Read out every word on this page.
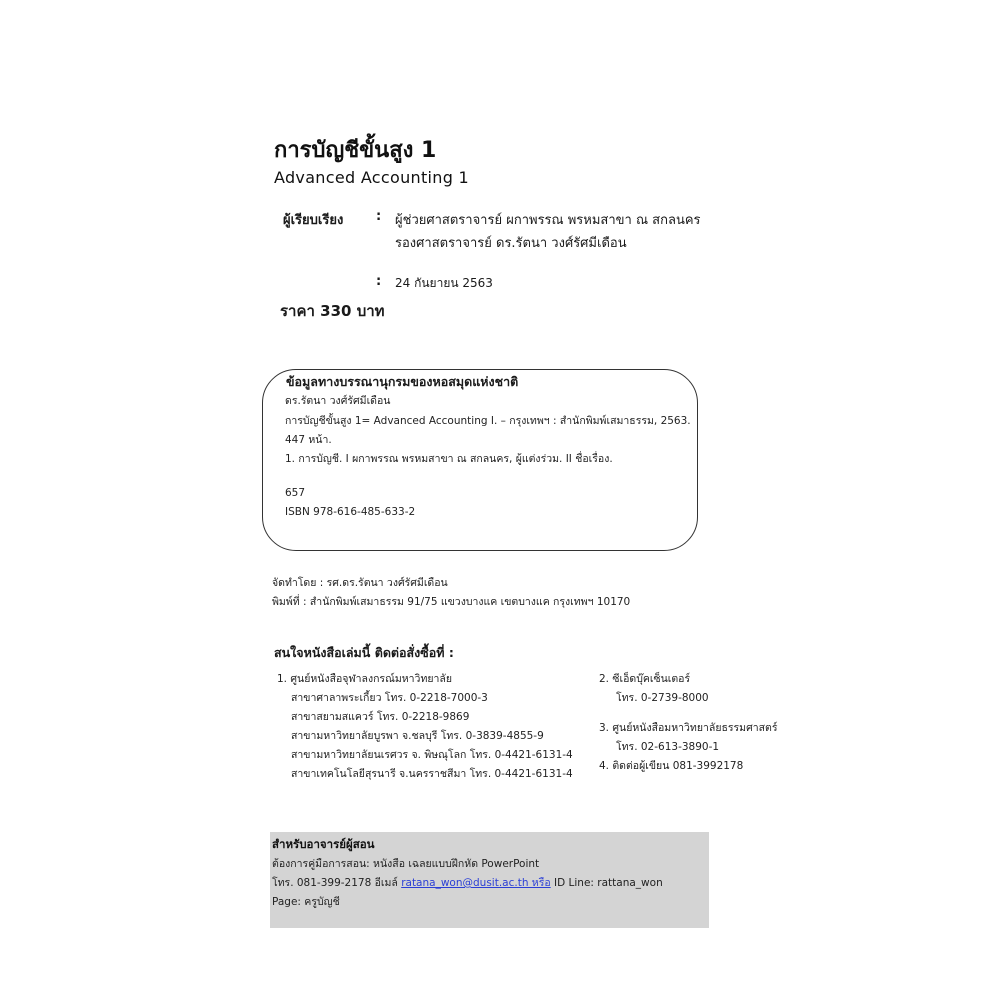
การบัญชีขั้นสูง 1
Advanced Accounting 1
ผู้เรียบเรียง	: ผู้ช่วยศาสตราจารย์ ผกาพรรณ พรหมสาขา ณ สกลนคร
รองศาสตราจารย์ ดร.รัตนา วงศ์รัศมีเดือน
: 24 กันยายน 2563
ราคา 330 บาท
ข้อมูลทางบรรณานุกรมของหอสมุดแห่งชาติ
ดร.รัตนา วงศ์รัศมีเดือน
การบัญชีขั้นสูง 1= Advanced Accounting I. – กรุงเทพฯ : สำนักพิมพ์เสมาธรรม, 2563.
447 หน้า.
1. การบัญชี. I ผกาพรรณ พรหมสาขา ณ สกลนคร, ผู้แต่งร่วม. II ชื่อเรื่อง.
657
ISBN 978-616-485-633-2
จัดทำโดย : รศ.ดร.รัตนา วงศ์รัศมีเดือน
พิมพ์ที่ : สำนักพิมพ์เสมาธรรม 91/75 แขวงบางแค เขตบางแค กรุงเทพฯ 10170
สนใจหนังสือเล่มนี้ ติดต่อสั่งซื้อที่ :
1. ศูนย์หนังสือจุฬาลงกรณ์มหาวิทยาลัย
สาขาศาลาพระเกี้ยว โทร. 0-2218-7000-3
สาขาสยามสแควร์ โทร. 0-2218-9869
สาขามหาวิทยาลัยบูรพา จ.ชลบุรี โทร. 0-3839-4855-9
สาขามหาวิทยาลัยนเรศวร จ. พิษณุโลก โทร. 0-4421-6131-4
สาขาเทคโนโลยีสุรนารี จ.นครราชสีมา โทร. 0-4421-6131-4
2. ซีเอ็ดบุ๊คเซ็นเตอร์
โทร. 0-2739-8000
3. ศูนย์หนังสือมหาวิทยาลัยธรรมศาสตร์
โทร. 02-613-3890-1
4. ติดต่อผู้เขียน 081-3992178
สำหรับอาจารย์ผู้สอน
ต้องการคู่มือการสอน: หนังสือ เฉลยแบบฝึกหัด PowerPoint
โทร. 081-399-2178 อีเมล์ ratana_won@dusit.ac.th หรือ ID Line: rattana_won
Page: ครูบัญชี
